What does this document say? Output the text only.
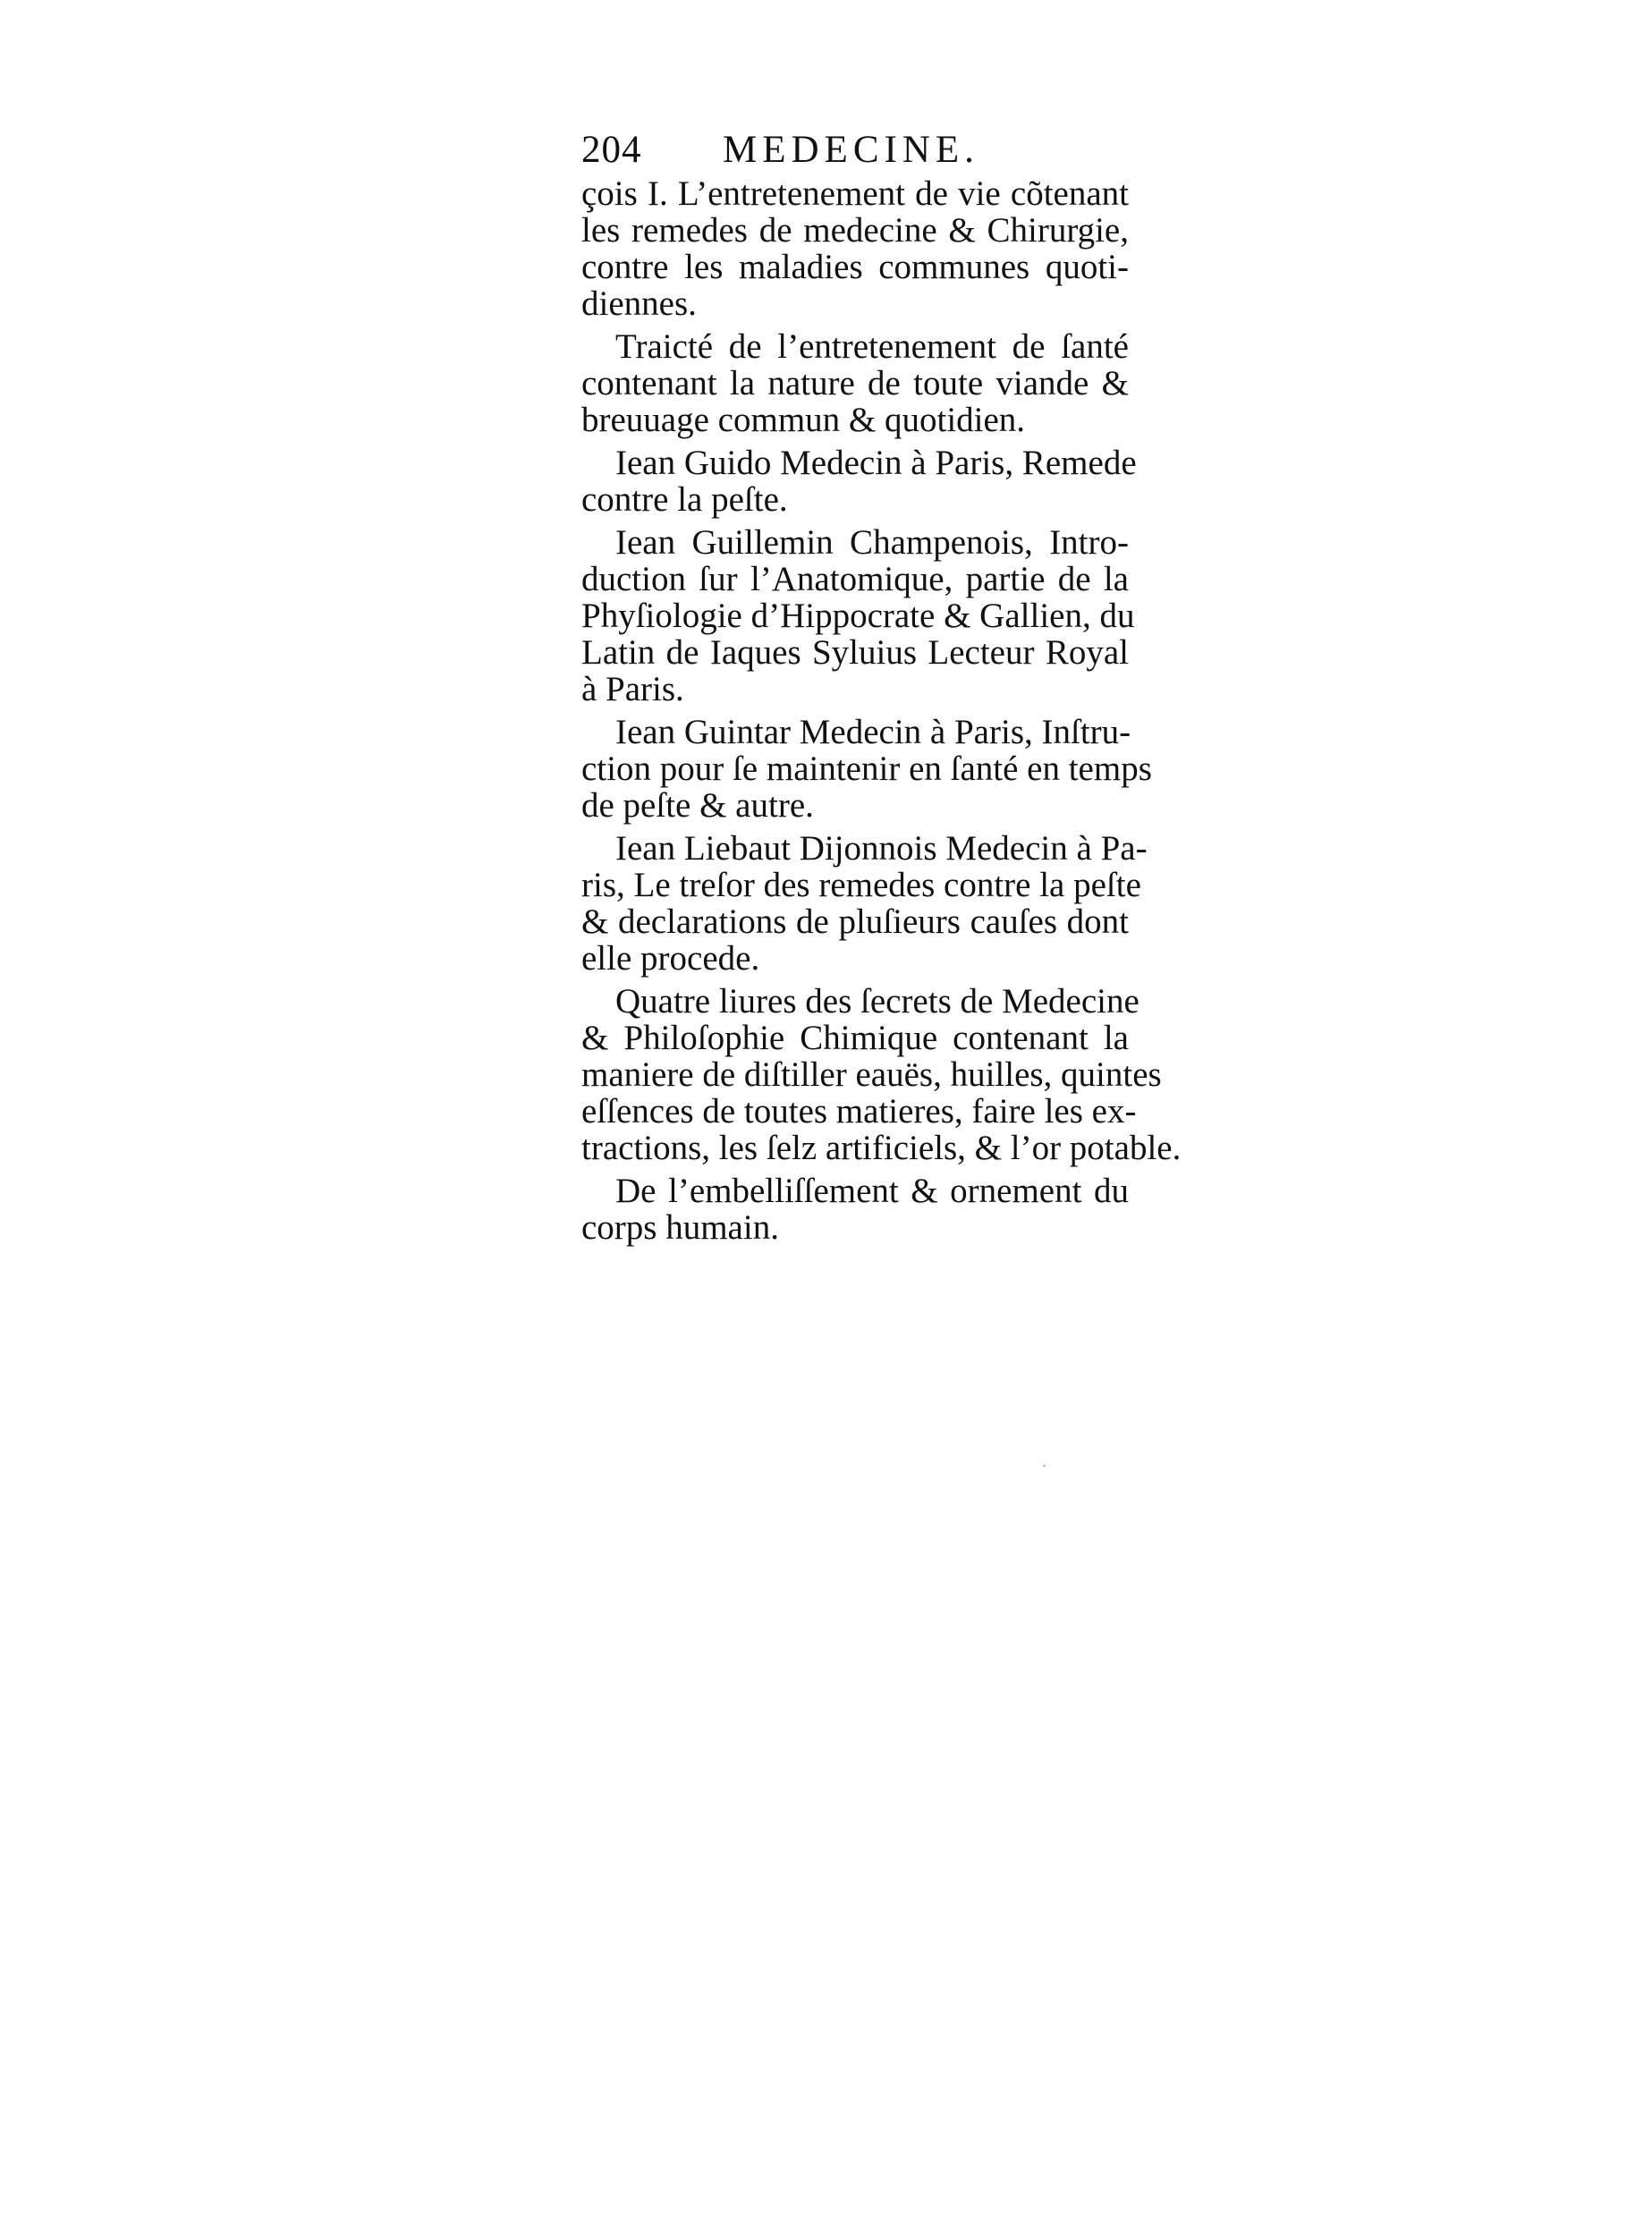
204 MEDECINE.

çois I. L’entretenement de vie cõtenant
les remedes de medecine & Chirurgie,
contre les maladies communes quoti-
diennes.

Traicté de l’entretenement de ſanté
contenant la nature de toute viande &
breuuage commun & quotidien.

Iean Guido Medecin à Paris, Remede
contre la peſte.

Iean Guillemin Champenois, Intro-
duction ſur l’Anatomique, partie de la
Phyſiologie d’Hippocrate & Gallien, du
Latin de Iaques Syluius Lecteur Royal
à Paris.

Iean Guintar Medecin à Paris, Inſtru-
ction pour ſe maintenir en ſanté en temps
de peſte & autre.

Iean Liebaut Dijonnois Medecin à Pa-
ris, Le treſor des remedes contre la peſte
& declarations de pluſieurs cauſes dont
elle procede.

Quatre liures des ſecrets de Medecine
& Philoſophie Chimique contenant la
maniere de diſtiller eauës, huilles, quintes
eſſences de toutes matieres, faire les ex-
tractions, les ſelz artificiels, & l’or potable.

De l’embelliſſement & ornement du
corps humain.
